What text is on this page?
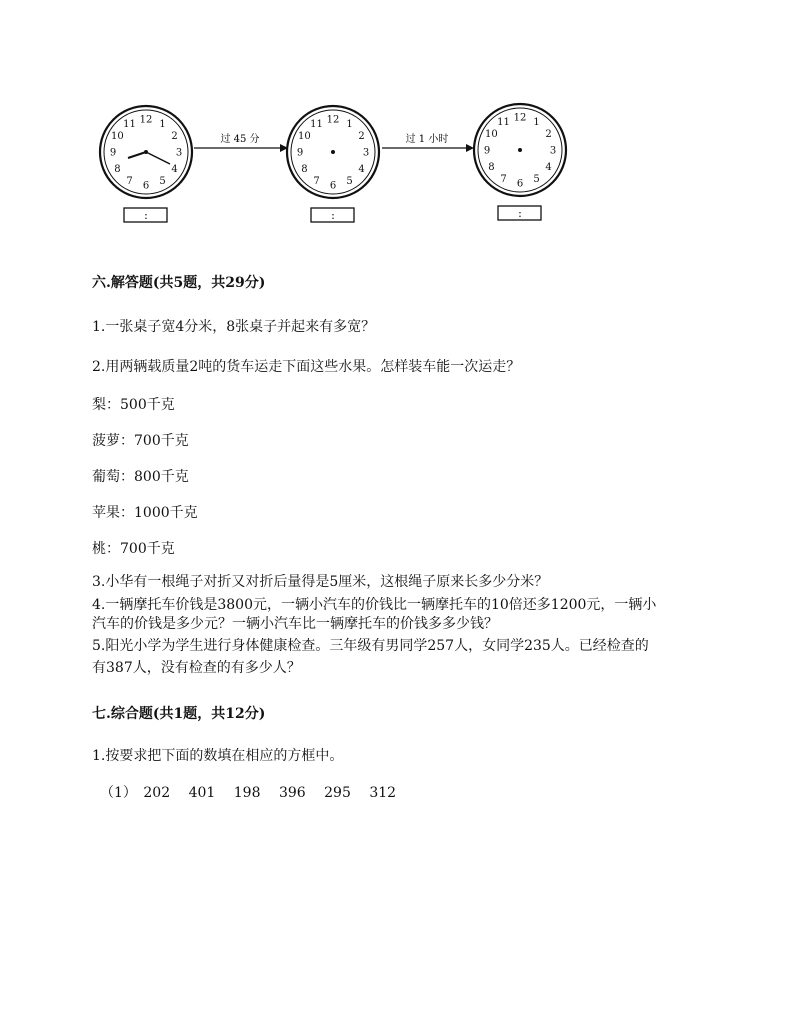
12 1
2
3
4
5
6
7
8
9
10
11
:
过 45 分
12 1
2
3
4
5
6
7
8
9
10
11
:
过 1 小时
12 1
2
3
4
5
6
7
8
9
10
11
:
六.解答题(共5题，共29分)
1.一张桌子宽4分米，8张桌子并起来有多宽？
2.用两辆载质量2吨的货车运走下面这些水果。怎样装车能一次运走？
梨：500千克
菠萝：700千克
葡萄：800千克
苹果：1000千克
桃：700千克
3.小华有一根绳子对折又对折后量得是5厘米，这根绳子原来长多少分米？
4.一辆摩托车价钱是3800元，一辆小汽车的价钱比一辆摩托车的10倍还多1200元，一辆小
汽车的价钱是多少元？一辆小汽车比一辆摩托车的价钱多多少钱？
5.阳光小学为学生进行身体健康检查。三年级有男同学257人，女同学235人。已经检查的
有387人，没有检查的有多少人？
七.综合题(共1题，共12分)
1.按要求把下面的数填在相应的方框中。
（1） 202 401 198 396 295 312
